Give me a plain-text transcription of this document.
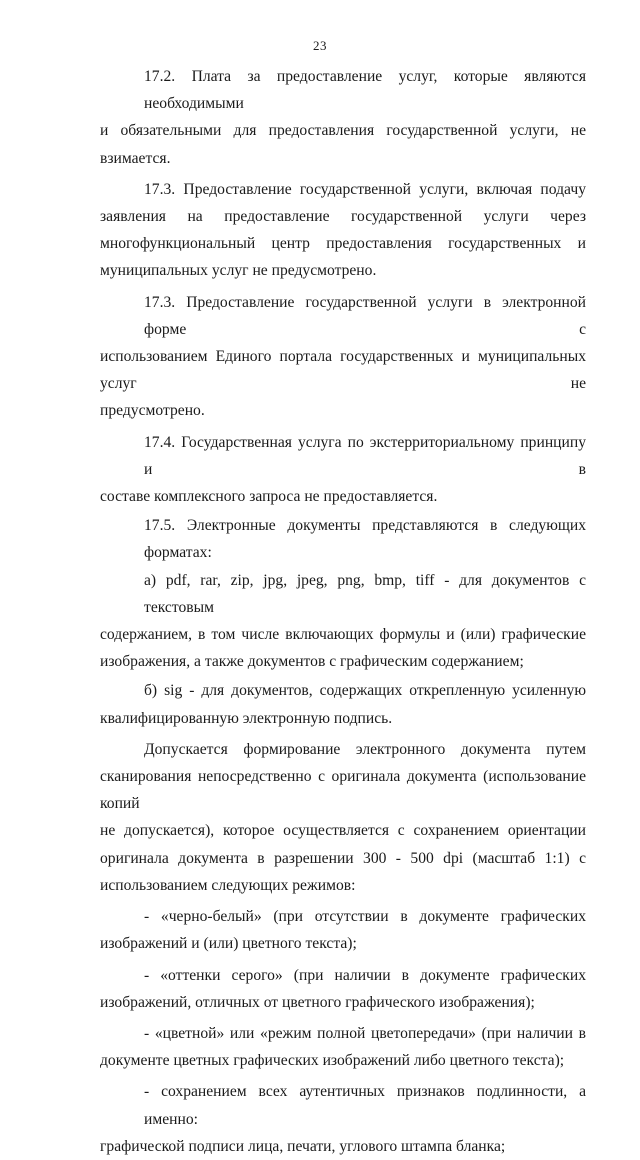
23
17.2. Плата за предоставление услуг, которые являются необходимыми
и обязательными для предоставления государственной услуги, не взимается.
17.3. Предоставление государственной услуги, включая подачу
заявления на предоставление государственной услуги через
многофункциональный центр предоставления государственных и
муниципальных услуг не предусмотрено.
17.3. Предоставление государственной услуги в электронной форме с
использованием Единого портала государственных и муниципальных услуг не
предусмотрено.
17.4. Государственная услуга по экстерриториальному принципу и в
составе комплексного запроса не предоставляется.
17.5. Электронные документы представляются в следующих форматах:
а) pdf, rar, zip, jpg, jpeg, png, bmp, tiff - для документов с текстовым
содержанием, в том числе включающих формулы и (или) графические
изображения, а также документов с графическим содержанием;
б) sig - для документов, содержащих открепленную усиленную
квалифицированную электронную подпись.
Допускается формирование электронного документа путем
сканирования непосредственно с оригинала документа (использование копий
не допускается), которое осуществляется с сохранением ориентации
оригинала документа в разрешении 300 - 500 dpi (масштаб 1:1) с
использованием следующих режимов:
- «черно-белый» (при отсутствии в документе графических
изображений и (или) цветного текста);
- «оттенки серого» (при наличии в документе графических
изображений, отличных от цветного графического изображения);
- «цветной» или «режим полной цветопередачи» (при наличии в
документе цветных графических изображений либо цветного текста);
- сохранением всех аутентичных признаков подлинности, а именно:
графической подписи лица, печати, углового штампа бланка;
